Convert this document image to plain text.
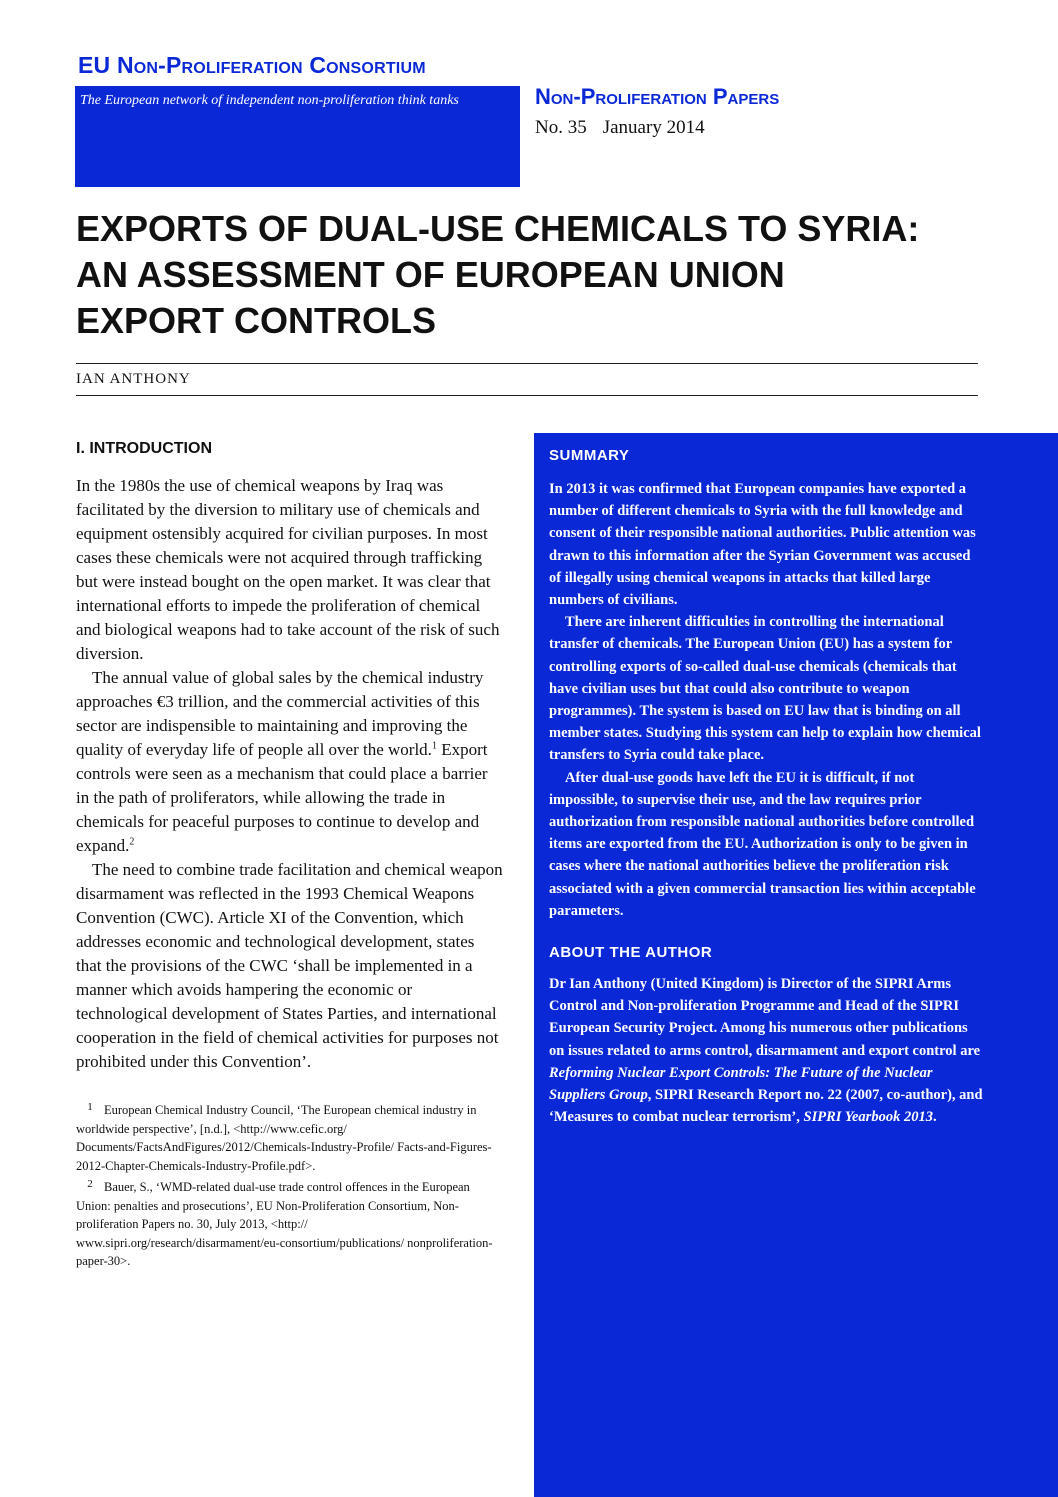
EU Non-Proliferation Consortium
The European network of independent non-proliferation think tanks	Non-Proliferation Papers
No. 35 January 2014
EXPORTS OF DUAL-USE CHEMICALS TO SYRIA:
AN ASSESSMENT OF EUROPEAN UNION
EXPORT CONTROLS
IAN ANTHONY
I. INTRODUCTION

In the 1980s the use of chemical weapons by Iraq was facilitated by the diversion to military use of chemicals and equipment ostensibly acquired for civilian purposes. In most cases these chemicals were not acquired through trafficking but were instead bought on the open market. It was clear that international efforts to impede the proliferation of chemical and biological weapons had to take account of the risk of such diversion.

The annual value of global sales by the chemical industry approaches €3 trillion, and the commercial activities of this sector are indispensible to maintaining and improving the quality of everyday life of people all over the world.$^1$ Export controls were seen as a mechanism that could place a barrier in the path of proliferators, while allowing the trade in chemicals for peaceful purposes to continue to develop and expand.$^2$

The need to combine trade facilitation and chemical weapon disarmament was reflected in the 1993 Chemical Weapons Convention (CWC). Article XI of the Convention, which addresses economic and technological development, states that the provisions of the CWC ‘shall be implemented in a manner which avoids hampering the economic or technological development of States Parties, and international cooperation in the field of chemical activities for purposes not prohibited under this Convention’.

1 European Chemical Industry Council, ‘The European chemical industry in worldwide perspective’, [n.d.], <http://www.cefic.org/ Documents/FactsAndFigures/2012/Chemicals-Industry-Profile/ Facts-and-Figures-2012-Chapter-Chemicals-Industry-Profile.pdf>.

2 Bauer, S., ‘WMD-related dual-use trade control offences in the European Union: penalties and prosecutions’, EU Non-Proliferation Consortium, Non-proliferation Papers no. 30, July 2013, <http:// www.sipri.org/research/disarmament/eu-consortium/publications/ nonproliferation-paper-30>.

SUMMARY

In 2013 it was confirmed that European companies have exported a number of different chemicals to Syria with the full knowledge and consent of their responsible national authorities. Public attention was drawn to this information after the Syrian Government was accused of illegally using chemical weapons in attacks that killed large numbers of civilians.

There are inherent difficulties in controlling the international transfer of chemicals. The European Union (EU) has a system for controlling exports of so-called dual-use chemicals (chemicals that have civilian uses but that could also contribute to weapon programmes). The system is based on EU law that is binding on all member states. Studying this system can help to explain how chemical transfers to Syria could take place.

After dual-use goods have left the EU it is difficult, if not impossible, to supervise their use, and the law requires prior authorization from responsible national authorities before controlled items are exported from the EU. Authorization is only to be given in cases where the national authorities believe the proliferation risk associated with a given commercial transaction lies within acceptable parameters.

ABOUT THE AUTHOR

Dr Ian Anthony (United Kingdom) is Director of the SIPRI Arms Control and Non-proliferation Programme and Head of the SIPRI European Security Project. Among his numerous other publications on issues related to arms control, disarmament and export control are Reforming Nuclear Export Controls: The Future of the Nuclear Suppliers Group, SIPRI Research Report no. 22 (2007, co-author), and ‘Measures to combat nuclear terrorism’, SIPRI Yearbook 2013.
